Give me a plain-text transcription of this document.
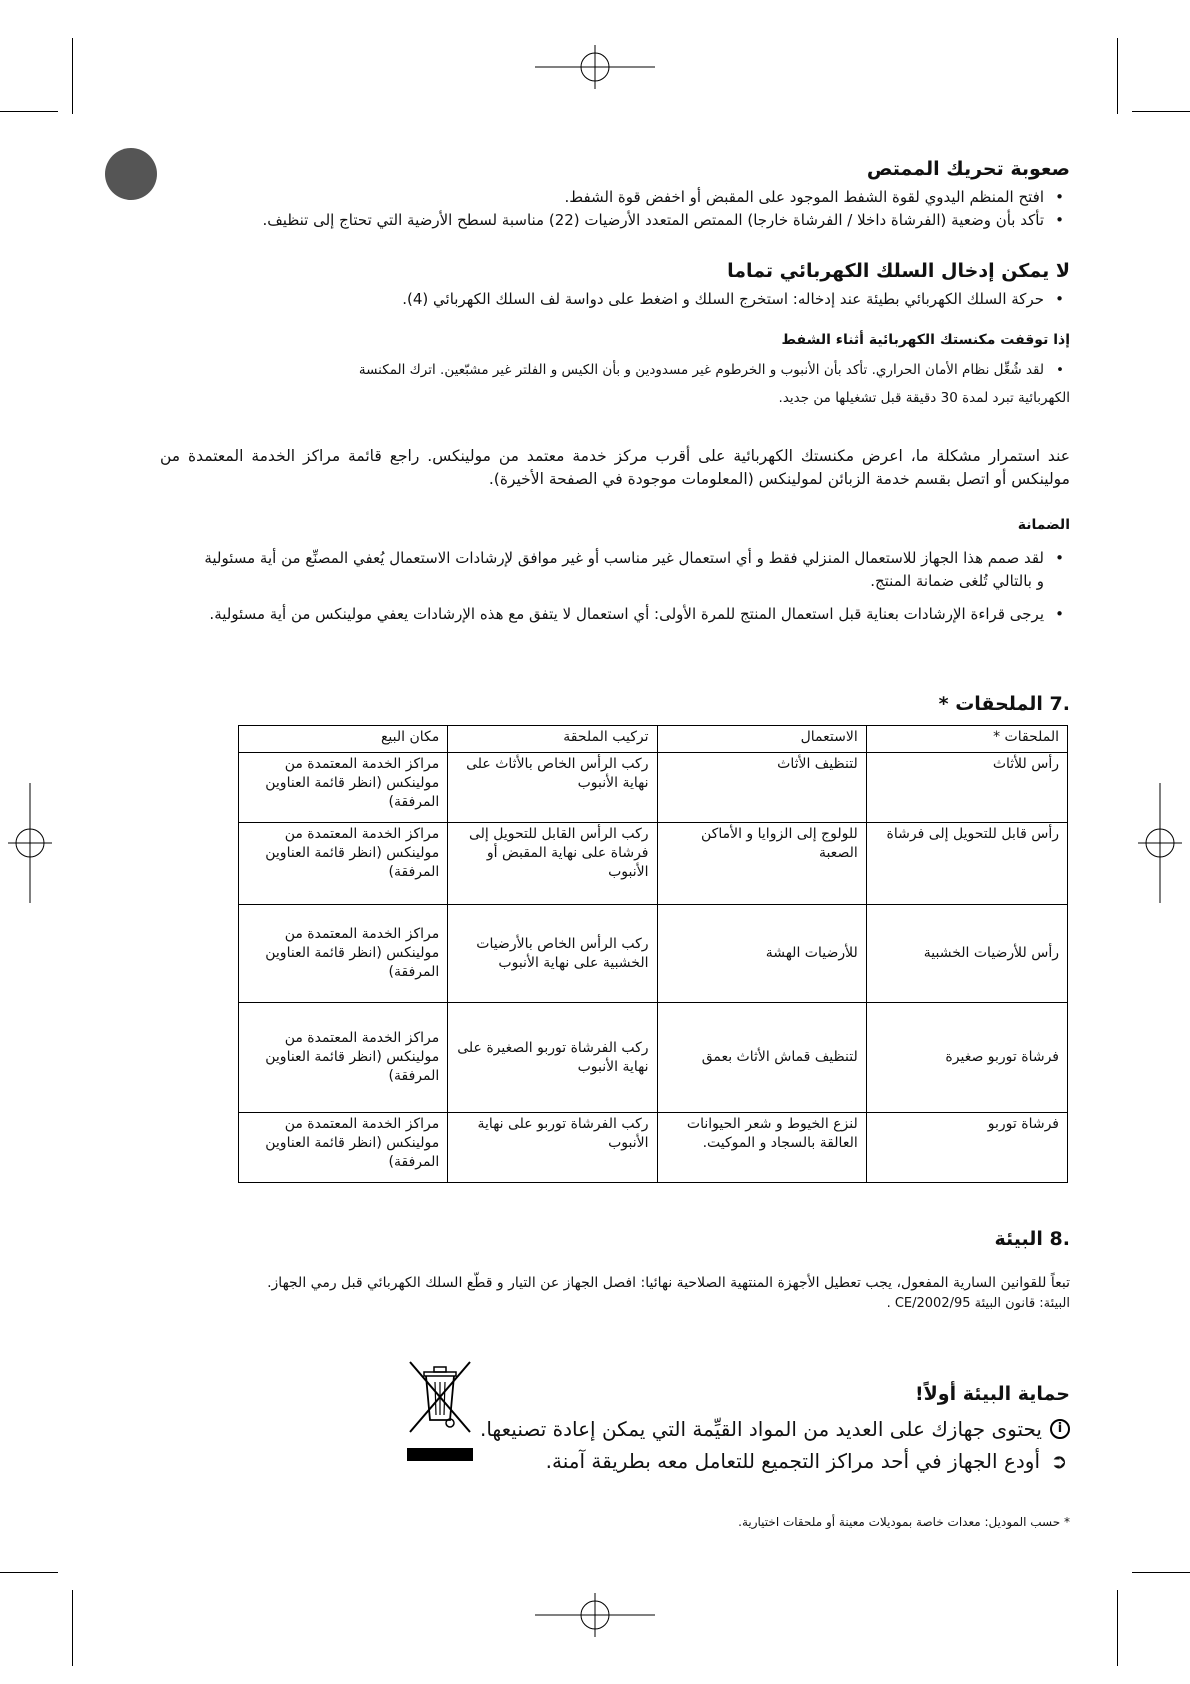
صعوبة تحريك الممتص

• افتح المنظم اليدوي لقوة الشفط الموجود على المقبض أو اخفض قوة الشفط.

• تأكد بأن وضعية (الفرشاة داخلا / الفرشاة خارجا) الممتص المتعدد الأرضيات (22) مناسبة لسطح الأرضية التي تحتاج إلى تنظيف.

لا يمكن إدخال السلك الكهربائي تماما

• حركة السلك الكهربائي بطيئة عند إدخاله: استخرج السلك و اضغط على دواسة لف السلك الكهربائي (4).

إذا توقفت مكنستك الكهربائية أثناء الشفط

• لقد شُغِّل نظام الأمان الحراري. تأكد بأن الأنبوب و الخرطوم غير مسدودين و بأن الكيس و الفلتر غير مشبّعين. اترك المكنسة

الكهربائية تبرد لمدة 30 دقيقة قبل تشغيلها من جديد.

عند استمرار مشكلة ما، اعرض مكنستك الكهربائية على أقرب مركز خدمة معتمد من مولينكس. راجع قائمة مراكز الخدمة المعتمدة من مولينكس أو اتصل بقسم خدمة الزبائن لمولينكس (المعلومات موجودة في الصفحة الأخيرة).

الضمانة

• لقد صمم هذا الجهاز للاستعمال المنزلي فقط و أي استعمال غير مناسب أو غير موافق لإرشادات الاستعمال يُعفي المصنِّع من أية مسئولية و بالتالي تُلغى ضمانة المنتج.

• يرجى قراءة الإرشادات بعناية قبل استعمال المنتج للمرة الأولى: أي استعمال لا يتفق مع هذه الإرشادات يعفي مولينكس من أية مسئولية.

.7 الملحقات *

الملحقات *	الاستعمال	تركيب الملحقة	مكان البيع
رأس للأثاث	لتنظيف الأثاث	ركب الرأس الخاص بالأثاث على نهاية الأنبوب	مراكز الخدمة المعتمدة من مولينكس (انظر قائمة العناوين المرفقة)
رأس قابل للتحويل إلى فرشاة	للولوج إلى الزوايا و الأماكن الصعبة	ركب الرأس القابل للتحويل إلى فرشاة على نهاية المقبض أو الأنبوب	مراكز الخدمة المعتمدة من مولينكس (انظر قائمة العناوين المرفقة)
رأس للأرضيات الخشبية	للأرضيات الهشة	ركب الرأس الخاص بالأرضيات الخشبية على نهاية الأنبوب	مراكز الخدمة المعتمدة من مولينكس (انظر قائمة العناوين المرفقة)
فرشاة توربو صغيرة	لتنظيف قماش الأثاث بعمق	ركب الفرشاة توربو الصغيرة على نهاية الأنبوب	مراكز الخدمة المعتمدة من مولينكس (انظر قائمة العناوين المرفقة)
فرشاة توربو	لنزع الخيوط و شعر الحيوانات العالقة بالسجاد و الموكيت.	ركب الفرشاة توربو على نهاية الأنبوب	مراكز الخدمة المعتمدة من مولينكس (انظر قائمة العناوين المرفقة)

.8 البيئة

تبعاً للقوانين السارية المفعول، يجب تعطيل الأجهزة المنتهية الصلاحية نهائيا: افصل الجهاز عن التيار و قطّع السلك الكهربائي قبل رمي الجهاز.

البيئة: قانون البيئة 2002/95/CE .

حماية البيئة أولاً!

i
يحتوى جهازك على العديد من المواد القيِّمة التي يمكن إعادة تصنيعها.

➲
أودع الجهاز في أحد مراكز التجميع للتعامل معه بطريقة آمنة.

* حسب الموديل: معدات خاصة بموديلات معينة أو ملحقات اختيارية.
